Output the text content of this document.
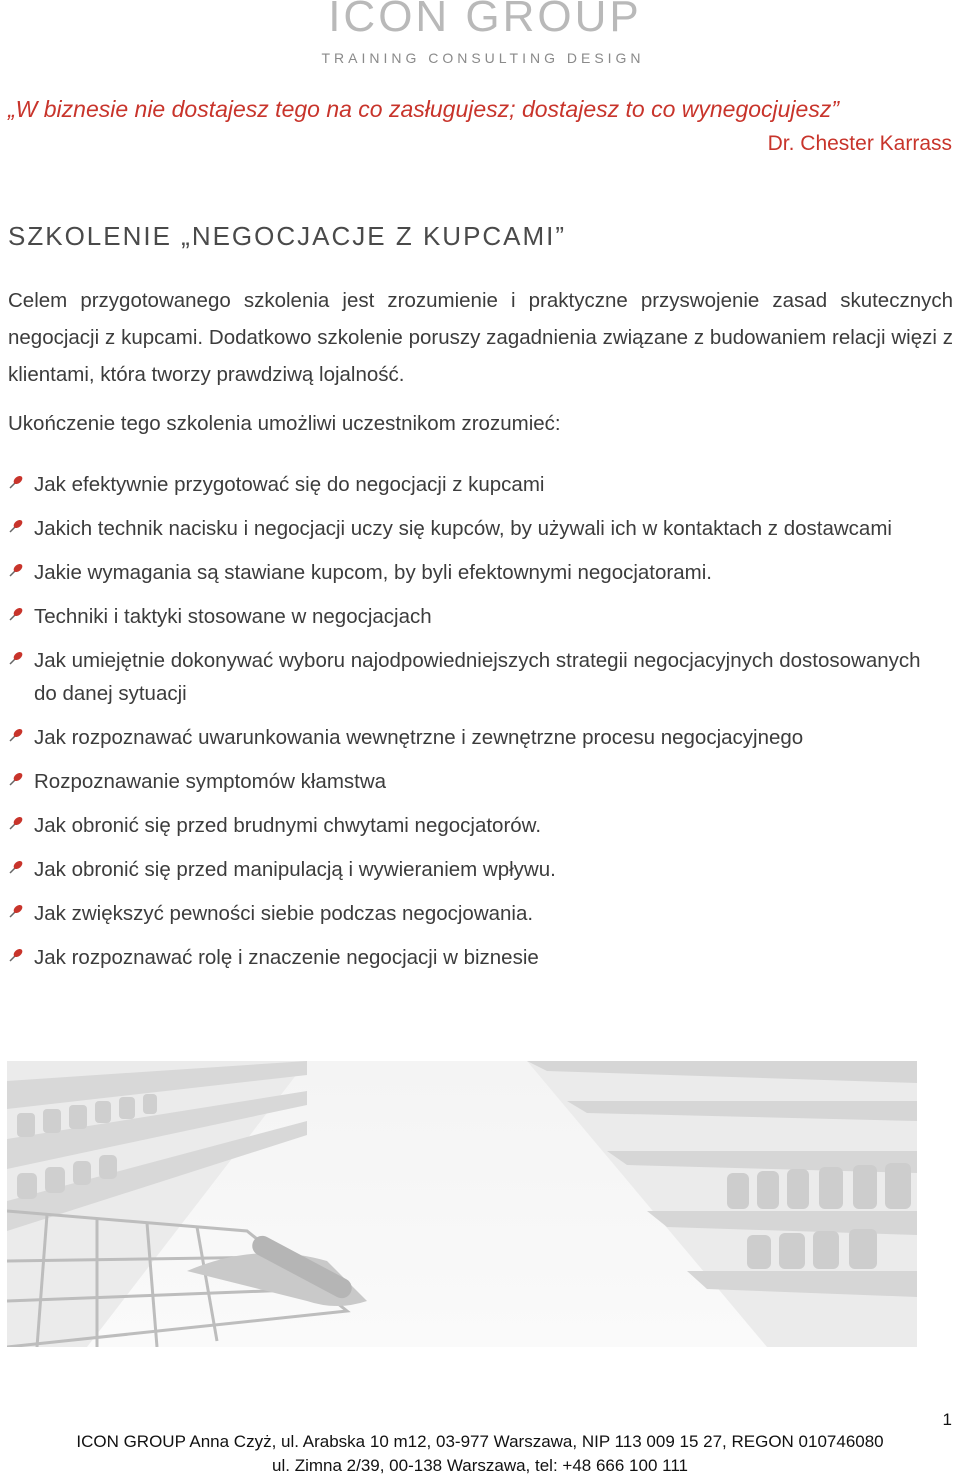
ICON GROUP
TRAINING CONSULTING DESIGN
„W biznesie nie dostajesz tego na co zasługujesz; dostajesz to co wynegocjujesz”
Dr. Chester Karrass
SZKOLENIE „NEGOCJACJE Z KUPCAMI”

Celem przygotowanego szkolenia jest zrozumienie i praktyczne przyswojenie zasad skutecznych negocjacji z kupcami. Dodatkowo szkolenie poruszy zagadnienia związane z budowaniem relacji więzi z klientami, która tworzy prawdziwą lojalność.

Ukończenie tego szkolenia umożliwi uczestnikom zrozumieć:

Jak efektywnie przygotować się do negocjacji z kupcami
Jakich technik nacisku i negocjacji uczy się kupców, by używali ich w kontaktach z dostawcami
Jakie wymagania są stawiane kupcom, by byli efektownymi negocjatorami.
Techniki i taktyki stosowane w negocjacjach
Jak umiejętnie dokonywać wyboru najodpowiedniejszych strategii negocjacyjnych dostosowanych do danej sytuacji
Jak rozpoznawać uwarunkowania wewnętrzne i zewnętrzne procesu negocjacyjnego
Rozpoznawanie symptomów kłamstwa
Jak obronić się przed brudnymi chwytami negocjatorów.
Jak obronić się przed manipulacją i wywieraniem wpływu.
Jak zwiększyć pewności siebie podczas negocjowania.
Jak rozpoznawać rolę i znaczenie negocjacji w biznesie
1
ICON GROUP Anna Czyż, ul. Arabska 10 m12, 03-977 Warszawa, NIP 113 009 15 27, REGON 010746080
ul. Zimna 2/39, 00-138 Warszawa, tel: +48 666 100 111
